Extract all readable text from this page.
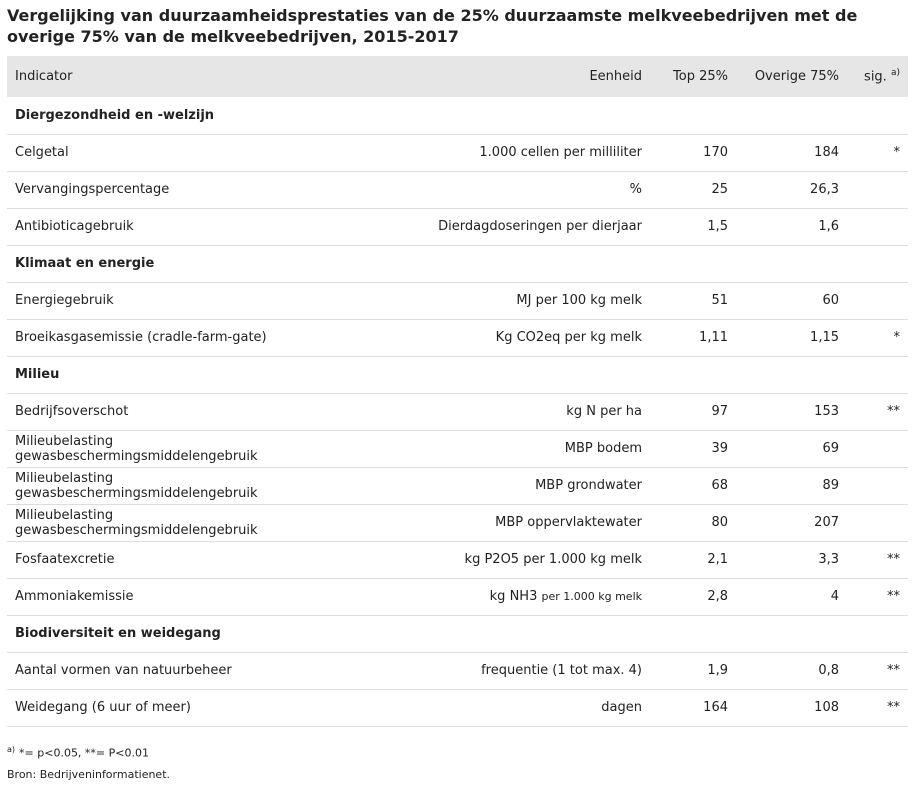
Vergelijking van duurzaamheidsprestaties van de 25% duurzaamste melkveebedrijven met de overige 75% van de melkveebedrijven, 2015-2017
Indicator	Eenheid	Top 25%	Overige 75%	sig. $^{a)}$
Diergezondheid en -welzijn				
Celgetal	1.000 cellen per milliliter	170	184	*
Vervangingspercentage	%	25	26,3	
Antibioticagebruik	Dierdagdoseringen per dierjaar	1,5	1,6	
Klimaat en energie				
Energiegebruik	MJ per 100 kg melk	51	60	
Broeikasgasemissie (cradle-farm-gate)	Kg CO2eq per kg melk	1,11	1,15	*
Milieu				
Bedrijfsoverschot	kg N per ha	97	153	**
Milieubelasting gewasbeschermingsmiddelengebruik	MBP bodem	39	69	
Milieubelasting gewasbeschermingsmiddelengebruik	MBP grondwater	68	89	
Milieubelasting gewasbeschermingsmiddelengebruik	MBP oppervlaktewater	80	207	
Fosfaatexcretie	kg P2O5 per 1.000 kg melk	2,1	3,3	**
Ammoniakemissie	kg NH3 per 1.000 kg melk	2,8	4	**
Biodiversiteit en weidegang				
Aantal vormen van natuurbeheer	frequentie (1 tot max. 4)	1,9	0,8	**
Weidegang (6 uur of meer)	dagen	164	108	**
$^{a)}$ *= p<0.05, **= P<0.01
Bron: Bedrijveninformatienet.
